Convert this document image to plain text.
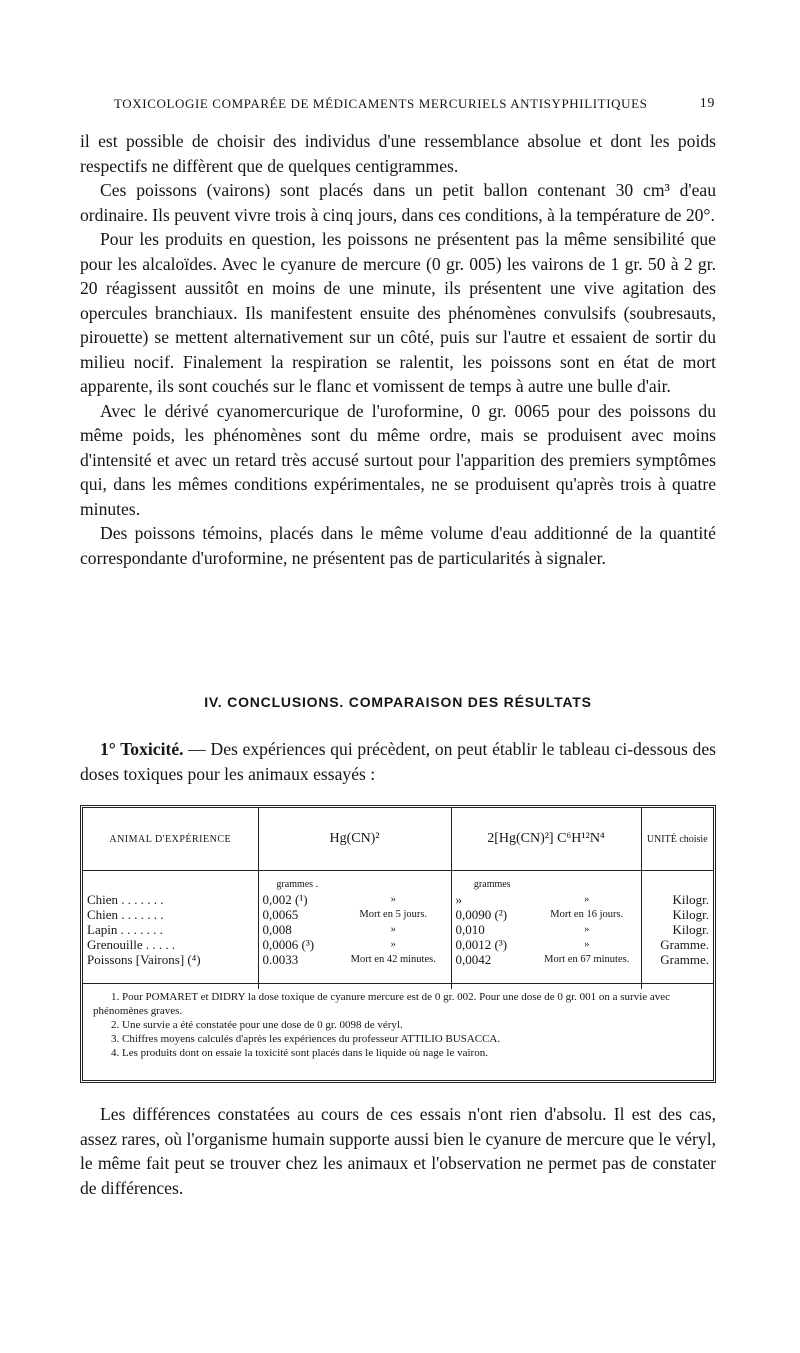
TOXICOLOGIE COMPARÉE DE MÉDICAMENTS MERCURIELS ANTISYPHILITIQUES	19

il est possible de choisir des individus d'une ressemblance absolue et dont les poids respectifs ne diffèrent que de quelques centigrammes.

Ces poissons (vairons) sont placés dans un petit ballon contenant 30 cm³ d'eau ordinaire. Ils peuvent vivre trois à cinq jours, dans ces conditions, à la température de 20°.

Pour les produits en question, les poissons ne présentent pas la même sensibilité que pour les alcaloïdes. Avec le cyanure de mercure (0 gr. 005) les vairons de 1 gr. 50 à 2 gr. 20 réagissent aussitôt en moins de une minute, ils présentent une vive agitation des opercules branchiaux. Ils manifestent ensuite des phénomènes convulsifs (soubresauts, pirouette) se mettent alternativement sur un côté, puis sur l'autre et essaient de sortir du milieu nocif. Finalement la respiration se ralentit, les poissons sont en état de mort apparente, ils sont couchés sur le flanc et vomissent de temps à autre une bulle d'air.

Avec le dérivé cyanomercurique de l'uroformine, 0 gr. 0065 pour des poissons du même poids, les phénomènes sont du même ordre, mais se produisent avec moins d'intensité et avec un retard très accusé surtout pour l'apparition des premiers symptômes qui, dans les mêmes conditions expérimentales, ne se produisent qu'après trois à quatre minutes.

Des poissons témoins, placés dans le même volume d'eau additionné de la quantité correspondante d'uroformine, ne présentent pas de particularités à signaler.

IV. CONCLUSIONS. COMPARAISON DES RÉSULTATS

1° Toxicité. — Des expériences qui précèdent, on peut établir le tableau ci-dessous des doses toxiques pour les animaux essayés :

ANIMAL D'EXPÉRIENCE	Hg(CN)²		2[Hg(CN)²] C⁶H¹²N⁴		UNITÉ choisie
	grammes .		grammes		
Chien . . . . . . .	0,002 (¹)	»	»	»	Kilogr.
Chien . . . . . . .	0,0065	Mort en 5 jours.	0,0090 (²)	Mort en 16 jours.	Kilogr.
Lapin . . . . . . .	0,008	»	0,010	»	Kilogr.
Grenouille . . . . .	0,0006 (³)	»	0,0012 (³)	»	Gramme.
Poissons [Vairons] (⁴)	0.0033	Mort en 42 minutes.	0,0042	Mort en 67 minutes.	Gramme.

1. Pour POMARET et DIDRY la dose toxique de cyanure mercure est de 0 gr. 002. Pour une dose de 0 gr. 001 on a survie avec phénomènes graves.

2. Une survie a été constatée pour une dose de 0 gr. 0098 de véryl.

3. Chiffres moyens calculés d'après les expériences du professeur ATTILIO BUSACCA.

4. Les produits dont on essaie la toxicité sont placés dans le liquide où nage le vairon.

Les différences constatées au cours de ces essais n'ont rien d'absolu. Il est des cas, assez rares, où l'organisme humain supporte aussi bien le cyanure de mercure que le véryl, le même fait peut se trouver chez les animaux et l'observation ne permet pas de constater de différences.
